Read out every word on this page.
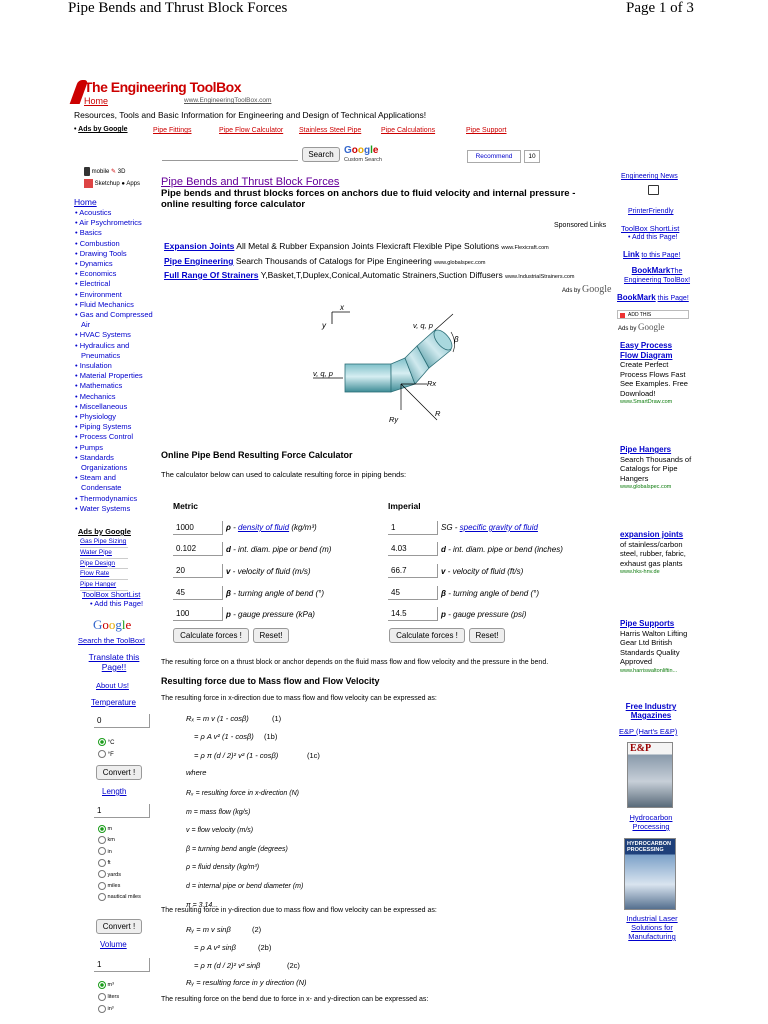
Pipe Bends and Thrust Block Forces	Page 1 of 3
The Engineering ToolBox
Home	www.EngineeringToolBox.com
Resources, Tools and Basic Information for Engineering and Design of Technical Applications!
• Ads by Google	Pipe Fittings	Pipe Flow Calculator Stainless Steel Pipe	Pipe Calculations	Pipe Support
Search	Google
Custom Search	Recommend	10
mobile ✎ 3D
Sketchup ● Apps
Home
• Acoustics
• Air Psychrometrics
• Basics
• Combustion
• Drawing Tools
• Dynamics
• Economics
• Electrical
• Environment
• Fluid Mechanics
• Gas and Compressed
Air
• HVAC Systems
• Hydraulics and
Pneumatics
• Insulation
• Material Properties
• Mathematics
• Mechanics
• Miscellaneous
• Physiology
• Piping Systems
• Process Control
• Pumps
• Standards
Organizations
• Steam and
Condensate
• Thermodynamics
• Water Systems
Ads by Google
Gas Pipe Sizing
Water Pipe
Pipe Design
Flow Rate
Pipe Hanger
ToolBox ShortList
• Add this Page!
Google
Search the ToolBox!
Translate this Page!!
About Us!
Temperature
0
°C
°F
Convert !
Length
1
m
km
in
ft
yards
miles
nautical miles
Convert !
Volume
1
m³
liters
in³
Pipe Bends and Thrust Block Forces
Pipe bends and thrust blocks forces on anchors due to fluid velocity and internal pressure - online resulting force calculator
Sponsored Links
Expansion Joints All Metal & Rubber Expansion Joints Flexicraft Flexible Pipe Solutions www.Flexicraft.com
Pipe Engineering Search Thousands of Catalogs for Pipe Engineering www.globalspec.com
Full Range Of Strainers Y,Basket,T,Duplex,Conical,Automatic Strainers,Suction Diffusers www.IndustrialStrainers.com
Ads by Google
x
y
v, q, p
v, q, p
β
Rx
Ry
R
Online Pipe Bend Resulting Force Calculator
The calculator below can used to calculate resulting force in piping bends:
Metric	Imperial
1000	ρ - density of fluid (kg/m³)
0.102	d - int. diam. pipe or bend (m)
20	v - velocity of fluid (m/s)
45	β - turning angle of bend (°)
100	p - gauge pressure (kPa)
1	SG - specific gravity of fluid
4.03	d - int. diam. pipe or bend (inches)
66.7	v - velocity of fluid (ft/s)
45	β - turning angle of bend (°)
14.5	p - gauge pressure (psi)
Calculate forces !	Reset!	Calculate forces !	Reset!
The resulting force on a thrust block or anchor depends on the fluid mass flow and flow velocity and the pressure in the bend.
Resulting force due to Mass flow and Flow Velocity
The resulting force in x-direction due to mass flow and flow velocity can be expressed as:
Rₓ = m v (1 - cosβ)	(1)
= ρ A v² (1 - cosβ) (1b)
= ρ π (d / 2)² v² (1 - cosβ)	(1c)
where
Rₓ = resulting force in x-direction (N)
m = mass flow (kg/s)
v = flow velocity (m/s)
β = turning bend angle (degrees)
ρ = fluid density (kg/m³)
d = internal pipe or bend diameter (m)
π = 3.14...
The resulting force in y-direction due to mass flow and flow velocity can be expressed as:
Rᵧ = m v sinβ	(2)
= ρ A v² sinβ	(2b)
= ρ π (d / 2)² v² sinβ	(2c)
Rᵧ = resulting force in y direction (N)
The resulting force on the bend due to force in x- and y-direction can be expressed as:
Engineering News
PrinterFriendly
ToolBox ShortList
• Add this Page!
Link to this Page!
BookMarkThe Engineering ToolBox!
BookMark this Page!
ADD THIS
Ads by Google
Easy Process Flow Diagram
Create Perfect Process Flows Fast See Examples. Free Download!
www.SmartDraw.com
Pipe Hangers
Search Thousands of Catalogs for Pipe Hangers
www.globalspec.com
expansion joints
of stainless/carbon steel, rubber, fabric, exhaust gas plants
www.hks-hnv.de
Pipe Supports
Harris Walton Lifting Gear Ltd British Standards Quality Approved
www.harriswaltonliftin...
Free Industry Magazines
E&P (Hart's E&P)
E&P
Hydrocarbon Processing
HYDROCARBON PROCESSING
Industrial Laser Solutions for Manufacturing
